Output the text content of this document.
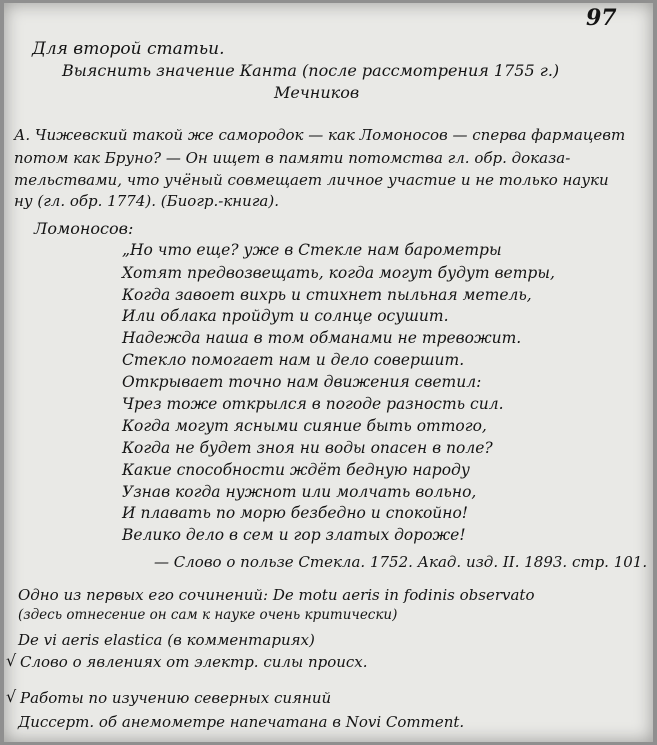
97
Для второй статьи.
Выяснить значение Канта (после рассмотрения 1755 г.)
Мечников
А. Чижевский такой же самородок — как Ломоносов — сперва фармацевт
потом как Бруно? — Он ищет в памяти потомства гл. обр. доказа-
тельствами, что учёный совмещает личное участие и не только науки
ну (гл. обр. 1774). (Биогр.-книга).
Ломоносов:
„Но что еще? уже в Стекле нам барометры
Хотят предвозвещать, когда могут будут ветры,
Когда завоет вихрь и стихнет пыльная метель,
Или облака пройдут и солнце осушит.
Надежда наша в том обманами не тревожит.
Стекло помогает нам и дело совершит.
Открывает точно нам движения светил:
Чрез тоже открылся в погоде разность сил.
Когда могут ясными сияние быть оттого,
Когда не будет зноя ни воды опасен в поле?
Какие способности ждёт бедную народу
Узнав когда нужнот или молчать вольно,
И плавать по морю безбедно и спокойно!
Велико дело в сем и гор златых дороже!
— Слово о пользе Стекла. 1752. Акад. изд. II. 1893. стр. 101.
Одно из первых его сочинений: De motu aeris in fodinis observato
(здесь отнесение он сам к науке очень критически)
De vi aeris elastica (в комментариях)
√ Слово о явлениях от электр. силы происх.
√ Работы по изучению северных сияний
Диссерт. об анемометре напечатана в Novi Comment.
